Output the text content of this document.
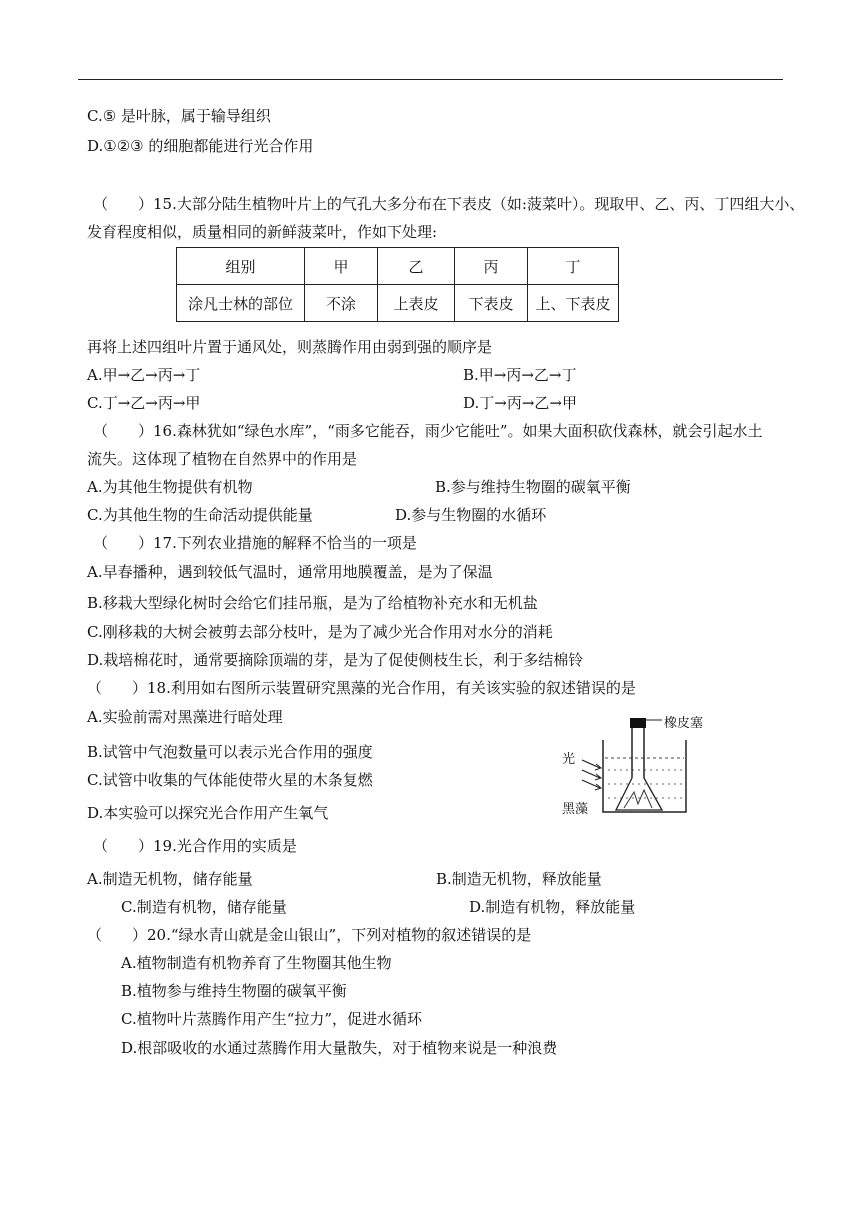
C.⑤ 是叶脉，属于输导组织
D.①②③ 的细胞都能进行光合作用
（　　）15.大部分陆生植物叶片上的气孔大多分布在下表皮（如:菠菜叶）。现取甲、乙、丙、丁四组大小、
发育程度相似，质量相同的新鲜菠菜叶，作如下处理:
组别	甲	乙	丙	丁
涂凡士林的部位	不涂	上表皮	下表皮	上、下表皮
再将上述四组叶片置于通风处，则蒸腾作用由弱到强的顺序是
A.甲→乙→丙→丁	B.甲→丙→乙→丁
C.丁→乙→丙→甲	D.丁→丙→乙→甲
（　　）16.森林犹如“绿色水库”，“雨多它能吞，雨少它能吐”。如果大面积砍伐森林，就会引起水土
流失。这体现了植物在自然界中的作用是
A.为其他生物提供有机物	B.参与维持生物圈的碳氧平衡
C.为其他生物的生命活动提供能量	D.参与生物圈的水循环
（　　）17.下列农业措施的解释不恰当的一项是
A.早春播种，遇到较低气温时，通常用地膜覆盖，是为了保温
B.移栽大型绿化树时会给它们挂吊瓶，是为了给植物补充水和无机盐
C.刚移栽的大树会被剪去部分枝叶，是为了减少光合作用对水分的消耗
D.栽培棉花时，通常要摘除顶端的芽，是为了促使侧枝生长，利于多结棉铃
（　　）18.利用如右图所示装置研究黑藻的光合作用，有关该实验的叙述错误的是
A.实验前需对黑藻进行暗处理
B.试管中气泡数量可以表示光合作用的强度
C.试管中收集的气体能使带火星的木条复燃
D.本实验可以探究光合作用产生氧气
橡皮塞
光
黑藻
（　　）19.光合作用的实质是
A.制造无机物，储存能量	B.制造无机物，释放能量
C.制造有机物，储存能量	D.制造有机物，释放能量
（　　）20.“绿水青山就是金山银山”，下列对植物的叙述错误的是
A.植物制造有机物养育了生物圈其他生物
B.植物参与维持生物圈的碳氧平衡
C.植物叶片蒸腾作用产生“拉力”，促进水循环
D.根部吸收的水通过蒸腾作用大量散失，对于植物来说是一种浪费
